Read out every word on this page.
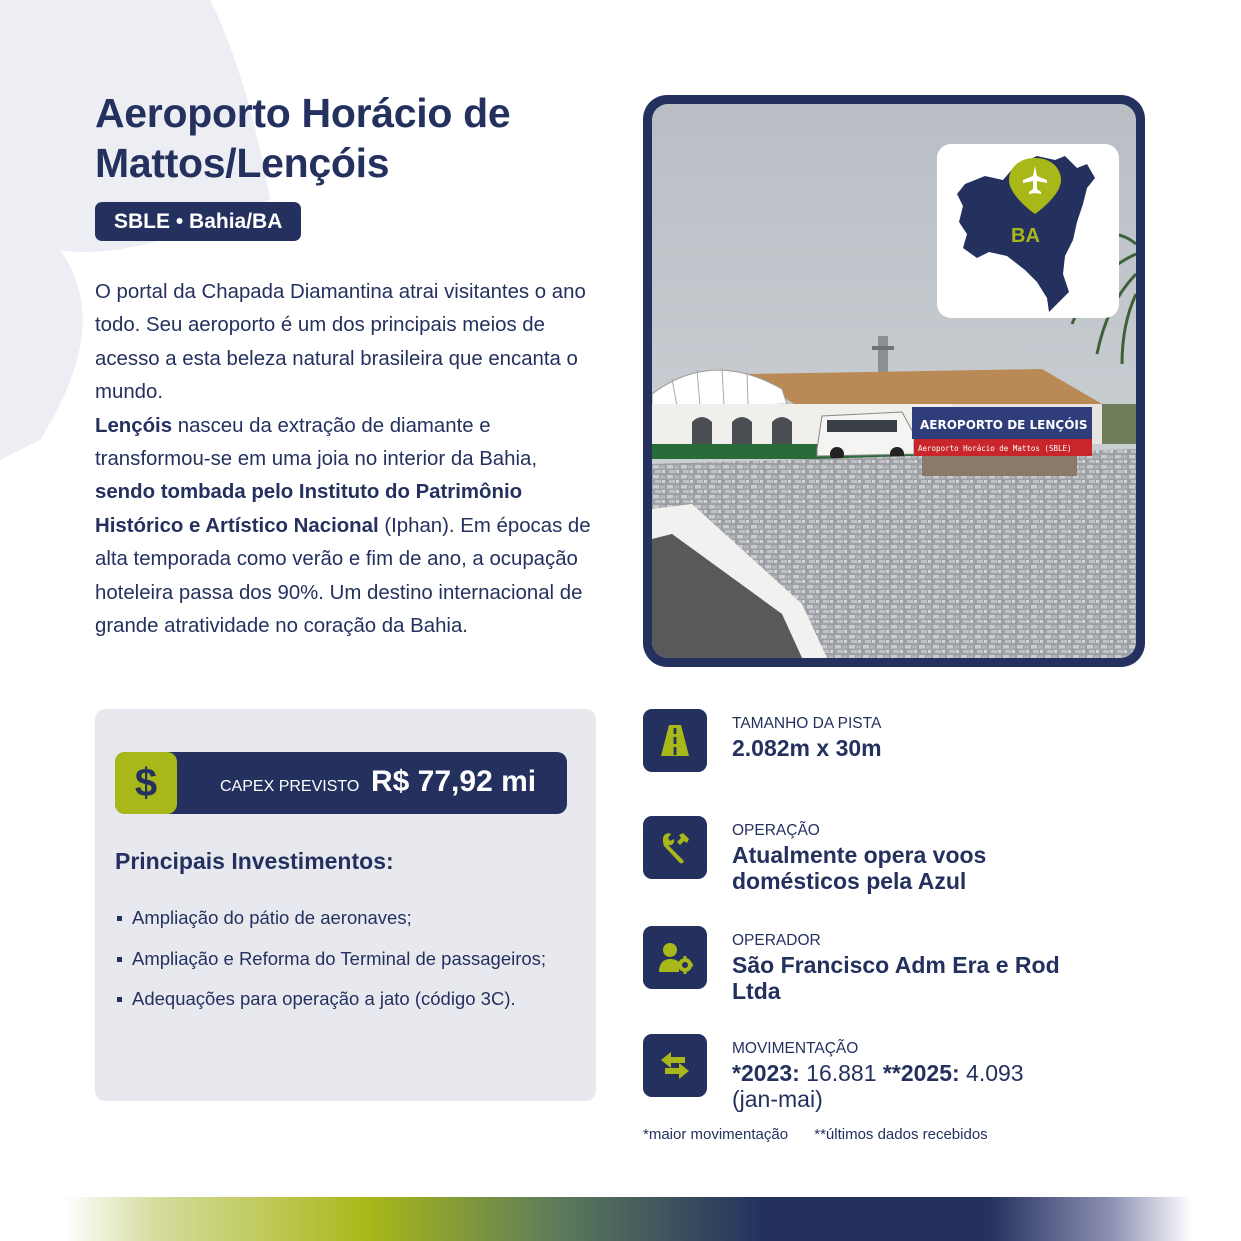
Aeroporto Horácio de
Mattos/Lençóis
SBLE • Bahia/BA

O portal da Chapada Diamantina atrai visitantes o ano todo. Seu aeroporto é um dos principais meios de acesso a esta beleza natural brasileira que encanta o mundo.
Lençóis nasceu da extração de diamante e transformou-se em uma joia no interior da Bahia, sendo tombada pelo Instituto do Patrimônio Histórico e Artístico Nacional (Iphan). Em épocas de alta temporada como verão e fim de ano, a ocupação hoteleira passa dos 90%. Um destino internacional de grande atratividade no coração da Bahia.

AEROPORTO DE LENÇÓIS
Aeroporto Horácio de Mattos (SBLE)
BA
$	CAPEX PREVISTO R$ 77,92 mi
Principais Investimentos:
Ampliação do pátio de aeronaves;
Ampliação e Reforma do Terminal de passageiros;
Adequações para operação a jato (código 3C).
TAMANHO DA PISTA
2.082m x 30m
OPERAÇÃO
Atualmente opera voos domésticos pela Azul
OPERADOR
São Francisco Adm Era e Rod Ltda
MOVIMENTAÇÃO
*2023: 16.881 **2025: 4.093
(jan-mai)
*maior movimentação **últimos dados recebidos
